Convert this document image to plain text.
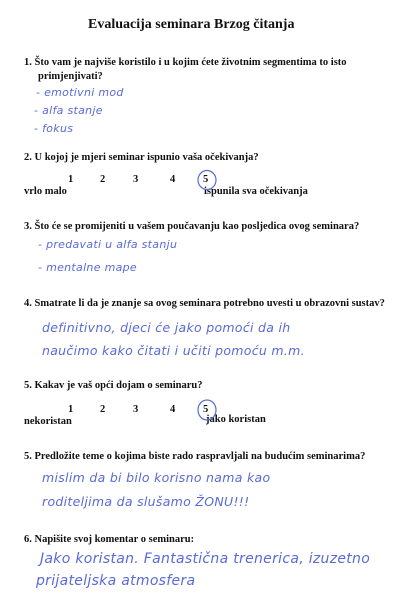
Evaluacija seminara Brzog čitanja
1. Što vam je najviše koristilo i u kojim ćete životnim segmentima to isto
primjenjivati?
- emotivni mod
- alfa stanje
- fokus
2. U kojoj je mjeri seminar ispunio vaša očekivanja?
1	2	3	4	5
vrlo malo	ispunila sva očekivanja
3. Što će se promijeniti u vašem poučavanju kao posljedica ovog seminara?
- predavati u alfa stanju
- mentalne mape
4. Smatrate li da je znanje sa ovog seminara potrebno uvesti u obrazovni sustav?
definitivno, djeci će jako pomoći da ih
naučimo kako čitati i učiti pomoću m.m.
5. Kakav je vaš opći dojam o seminaru?
1	2	3	4	5
nekoristan	jako koristan
5. Predložite teme o kojima biste rado raspravljali na budućim seminarima?
mislim da bi bilo korisno nama kao
roditeljima da slušamo ŽONU!!!
6. Napišite svoj komentar o seminaru:
Jako koristan. Fantastična trenerica, izuzetno
prijateljska atmosfera
